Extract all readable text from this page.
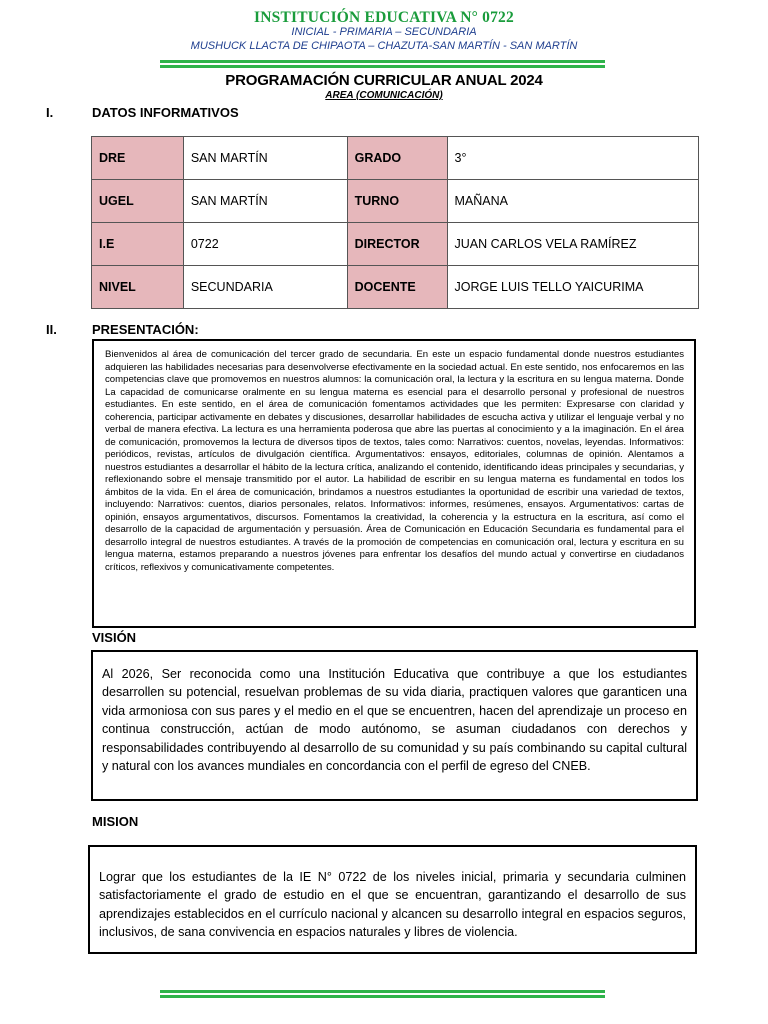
INSTITUCIÓN EDUCATIVA N° 0722
INICIAL - PRIMARIA – SECUNDARIA
MUSHUCK LLACTA DE CHIPAOTA – CHAZUTA-SAN MARTÍN - SAN MARTÍN
PROGRAMACIÓN CURRICULAR ANUAL 2024
AREA (COMUNICACIÓN)
I.	DATOS INFORMATIVOS
DRE	SAN MARTÍN	GRADO	3°
UGEL	SAN MARTÍN	TURNO	MAÑANA
I.E	0722	DIRECTOR	JUAN CARLOS VELA RAMÍREZ
NIVEL	SECUNDARIA	DOCENTE	JORGE LUIS TELLO YAICURIMA
II.	PRESENTACIÓN:
Bienvenidos al área de comunicación del tercer grado de secundaria. En este un espacio fundamental donde nuestros estudiantes adquieren las habilidades necesarias para desenvolverse efectivamente en la sociedad actual. En este sentido, nos enfocaremos en las competencias clave que promovemos en nuestros alumnos: la comunicación oral, la lectura y la escritura en su lengua materna. Donde La capacidad de comunicarse oralmente en su lengua materna es esencial para el desarrollo personal y profesional de nuestros estudiantes. En este sentido, en el área de comunicación fomentamos actividades que les permiten: Expresarse con claridad y coherencia, participar activamente en debates y discusiones, desarrollar habilidades de escucha activa y utilizar el lenguaje verbal y no verbal de manera efectiva. La lectura es una herramienta poderosa que abre las puertas al conocimiento y a la imaginación. En el área de comunicación, promovemos la lectura de diversos tipos de textos, tales como: Narrativos: cuentos, novelas, leyendas. Informativos: periódicos, revistas, artículos de divulgación científica. Argumentativos: ensayos, editoriales, columnas de opinión. Alentamos a nuestros estudiantes a desarrollar el hábito de la lectura crítica, analizando el contenido, identificando ideas principales y secundarias, y reflexionando sobre el mensaje transmitido por el autor. La habilidad de escribir en su lengua materna es fundamental en todos los ámbitos de la vida. En el área de comunicación, brindamos a nuestros estudiantes la oportunidad de escribir una variedad de textos, incluyendo: Narrativos: cuentos, diarios personales, relatos. Informativos: informes, resúmenes, ensayos. Argumentativos: cartas de opinión, ensayos argumentativos, discursos. Fomentamos la creatividad, la coherencia y la estructura en la escritura, así como el desarrollo de la capacidad de argumentación y persuasión. Área de Comunicación en Educación Secundaria es fundamental para el desarrollo integral de nuestros estudiantes. A través de la promoción de competencias en comunicación oral, lectura y escritura en su lengua materna, estamos preparando a nuestros jóvenes para enfrentar los desafíos del mundo actual y convertirse en ciudadanos críticos, reflexivos y comunicativamente competentes.
VISIÓN
Al 2026, Ser reconocida como una Institución Educativa que contribuye a que los estudiantes desarrollen su potencial, resuelvan problemas de su vida diaria, practiquen valores que garanticen una vida armoniosa con sus pares y el medio en el que se encuentren, hacen del aprendizaje un proceso en continua construcción, actúan de modo autónomo, se asuman ciudadanos con derechos y responsabilidades contribuyendo al desarrollo de su comunidad y su país combinando su capital cultural y natural con los avances mundiales en concordancia con el perfil de egreso del CNEB.
MISION
Lograr que los estudiantes de la IE N° 0722 de los niveles inicial, primaria y secundaria culminen satisfactoriamente el grado de estudio en el que se encuentran, garantizando el desarrollo de sus aprendizajes establecidos en el currículo nacional y alcancen su desarrollo integral en espacios seguros, inclusivos, de sana convivencia en espacios naturales y libres de violencia.
